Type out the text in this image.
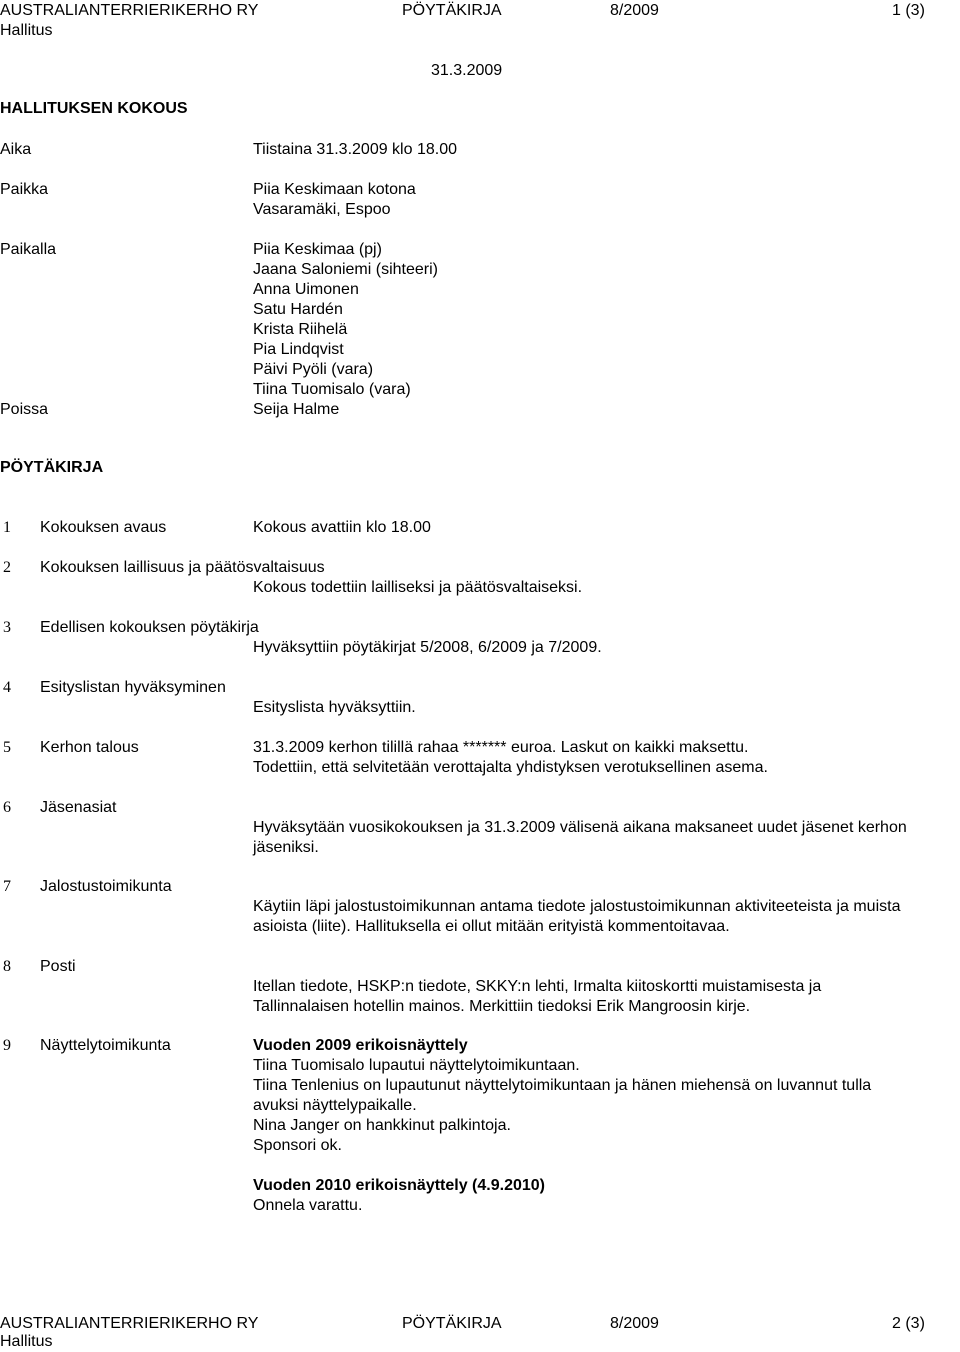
AUSTRALIANTERRIERIKERHO RY	PÖYTÄKIRJA	8/2009	1 (3)
Hallitus
31.3.2009
HALLITUKSEN KOKOUS
Aika	Tiistaina 31.3.2009 klo 18.00
Paikka	Piia Keskimaan kotona
Vasaramäki, Espoo
Paikalla	Piia Keskimaa (pj)
Jaana Saloniemi (sihteeri)
Anna Uimonen
Satu Hardén
Krista Riihelä
Pia Lindqvist
Päivi Pyöli (vara)
Tiina Tuomisalo (vara)
Poissa	Seija Halme
PÖYTÄKIRJA
1 Kokouksen avaus	Kokous avattiin klo 18.00
2 Kokouksen laillisuus ja päätösvaltaisuus
Kokous todettiin lailliseksi ja päätösvaltaiseksi.
3 Edellisen kokouksen pöytäkirja
Hyväksyttiin pöytäkirjat 5/2008, 6/2009 ja 7/2009.
4 Esityslistan hyväksyminen
Esityslista hyväksyttiin.
5 Kerhon talous	31.3.2009 kerhon tilillä rahaa ******* euroa. Laskut on kaikki maksettu.
Todettiin, että selvitetään verottajalta yhdistyksen verotuksellinen asema.
6 Jäsenasiat
Hyväksytään vuosikokouksen ja 31.3.2009 välisenä aikana maksaneet uudet jäsenet kerhon
jäseniksi.
7 Jalostustoimikunta
Käytiin läpi jalostustoimikunnan antama tiedote jalostustoimikunnan aktiviteeteista ja muista
asioista (liite). Hallituksella ei ollut mitään erityistä kommentoitavaa.
8 Posti
Itellan tiedote, HSKP:n tiedote, SKKY:n lehti, Irmalta kiitoskortti muistamisesta ja
Tallinnalaisen hotellin mainos. Merkittiin tiedoksi Erik Mangroosin kirje.
9 Näyttelytoimikunta	Vuoden 2009 erikoisnäyttely
Tiina Tuomisalo lupautui näyttelytoimikuntaan.
Tiina Tenlenius on lupautunut näyttelytoimikuntaan ja hänen miehensä on luvannut tulla
avuksi näyttelypaikalle.
Nina Janger on hankkinut palkintoja.
Sponsori ok.
Vuoden 2010 erikoisnäyttely (4.9.2010)
Onnela varattu.
AUSTRALIANTERRIERIKERHO RY	PÖYTÄKIRJA	8/2009	2 (3)
Hallitus
